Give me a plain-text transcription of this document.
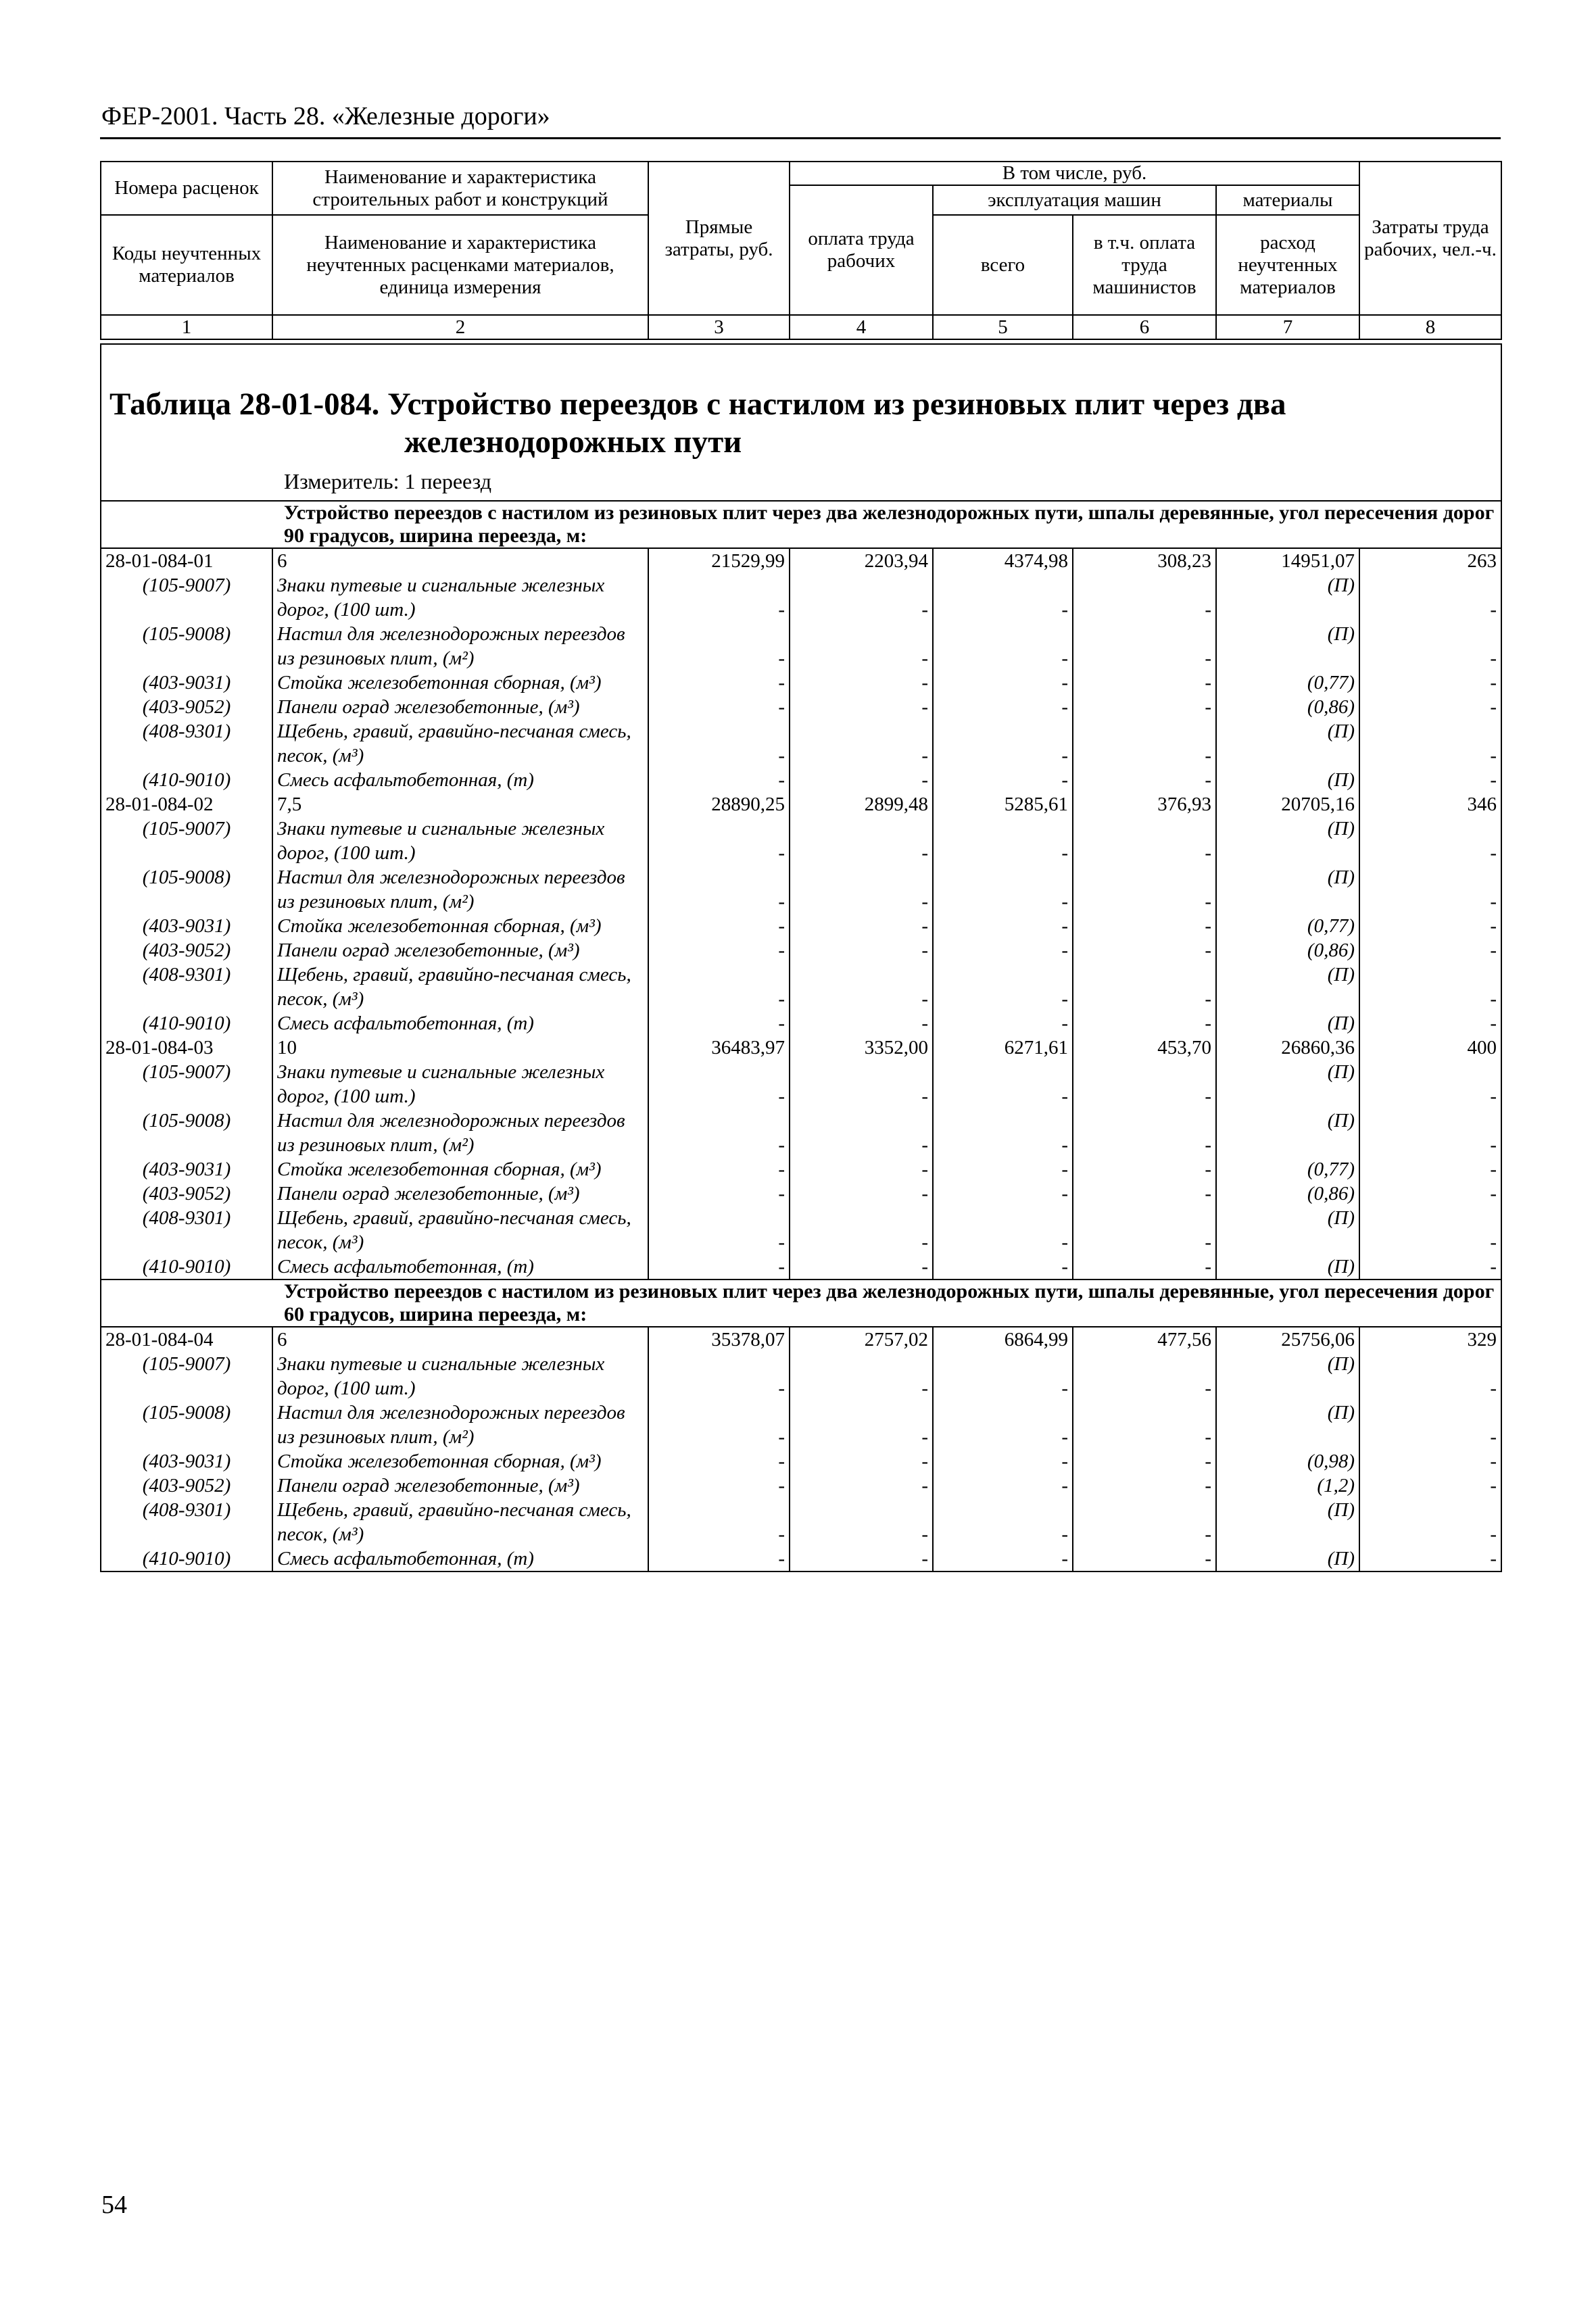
ФЕР-2001. Часть 28. «Железные дороги»
Номера расценок	Наименование и характеристика строительных работ и конструкций	Прямые затраты, руб.	В том числе, руб.				Затраты труда рабочих, чел.-ч.
			оплата труда рабочих	эксплуатация машин		материалы	
Коды неучтенных материалов	Наименование и характеристика неучтенных расценками материалов, единица измерения			всего	в т.ч. оплата труда машинистов	расход неучтенных материалов	

1	2	3	4	5	6	7	8
Таблица 28-01-084. Устройство переездов с настилом из резиновых плит через два
железнодорожных пути
Измеритель: 1 переезд							

Устройство переездов с настилом из резиновых плит через два железнодорожных пути, шпалы деревянные, угол пересечения дорог 90 градусов, ширина переезда, м:							
28-01-084-01	6	21529,99	2203,94	4374,98	308,23	14951,07	263
(105-9007)	Знаки путевые и сигнальные железных дорог, (100 шт.)	-	-	-	-	(П)	-
(105-9008)	Настил для железнодорожных переездов из резиновых плит, (м²)	-	-	-	-	(П)	-
(403-9031)	Стойка железобетонная сборная, (м³)	-	-	-	-	(0,77)	-
(403-9052)	Панели оград железобетонные, (м³)	-	-	-	-	(0,86)	-
(408-9301)	Щебень, гравий, гравийно-песчаная смесь, песок, (м³)	-	-	-	-	(П)	-
(410-9010)	Смесь асфальтобетонная, (т)	-	-	-	-	(П)	-
28-01-084-02	7,5	28890,25	2899,48	5285,61	376,93	20705,16	346
(105-9007)	Знаки путевые и сигнальные железных дорог, (100 шт.)	-	-	-	-	(П)	-
(105-9008)	Настил для железнодорожных переездов из резиновых плит, (м²)	-	-	-	-	(П)	-
(403-9031)	Стойка железобетонная сборная, (м³)	-	-	-	-	(0,77)	-
(403-9052)	Панели оград железобетонные, (м³)	-	-	-	-	(0,86)	-
(408-9301)	Щебень, гравий, гравийно-песчаная смесь, песок, (м³)	-	-	-	-	(П)	-
(410-9010)	Смесь асфальтобетонная, (т)	-	-	-	-	(П)	-
28-01-084-03	10	36483,97	3352,00	6271,61	453,70	26860,36	400
(105-9007)	Знаки путевые и сигнальные железных дорог, (100 шт.)	-	-	-	-	(П)	-
(105-9008)	Настил для железнодорожных переездов из резиновых плит, (м²)	-	-	-	-	(П)	-
(403-9031)	Стойка железобетонная сборная, (м³)	-	-	-	-	(0,77)	-
(403-9052)	Панели оград железобетонные, (м³)	-	-	-	-	(0,86)	-
(408-9301)	Щебень, гравий, гравийно-песчаная смесь, песок, (м³)	-	-	-	-	(П)	-
(410-9010)	Смесь асфальтобетонная, (т)	-	-	-	-	(П)	-
Устройство переездов с настилом из резиновых плит через два железнодорожных пути, шпалы деревянные, угол пересечения дорог 60 градусов, ширина переезда, м:							
28-01-084-04	6	35378,07	2757,02	6864,99	477,56	25756,06	329
(105-9007)	Знаки путевые и сигнальные железных дорог, (100 шт.)	-	-	-	-	(П)	-
(105-9008)	Настил для железнодорожных переездов из резиновых плит, (м²)	-	-	-	-	(П)	-
(403-9031)	Стойка железобетонная сборная, (м³)	-	-	-	-	(0,98)	-
(403-9052)	Панели оград железобетонные, (м³)	-	-	-	-	(1,2)	-
(408-9301)	Щебень, гравий, гравийно-песчаная смесь, песок, (м³)	-	-	-	-	(П)	-
(410-9010)	Смесь асфальтобетонная, (т)	-	-	-	-	(П)	-
54
